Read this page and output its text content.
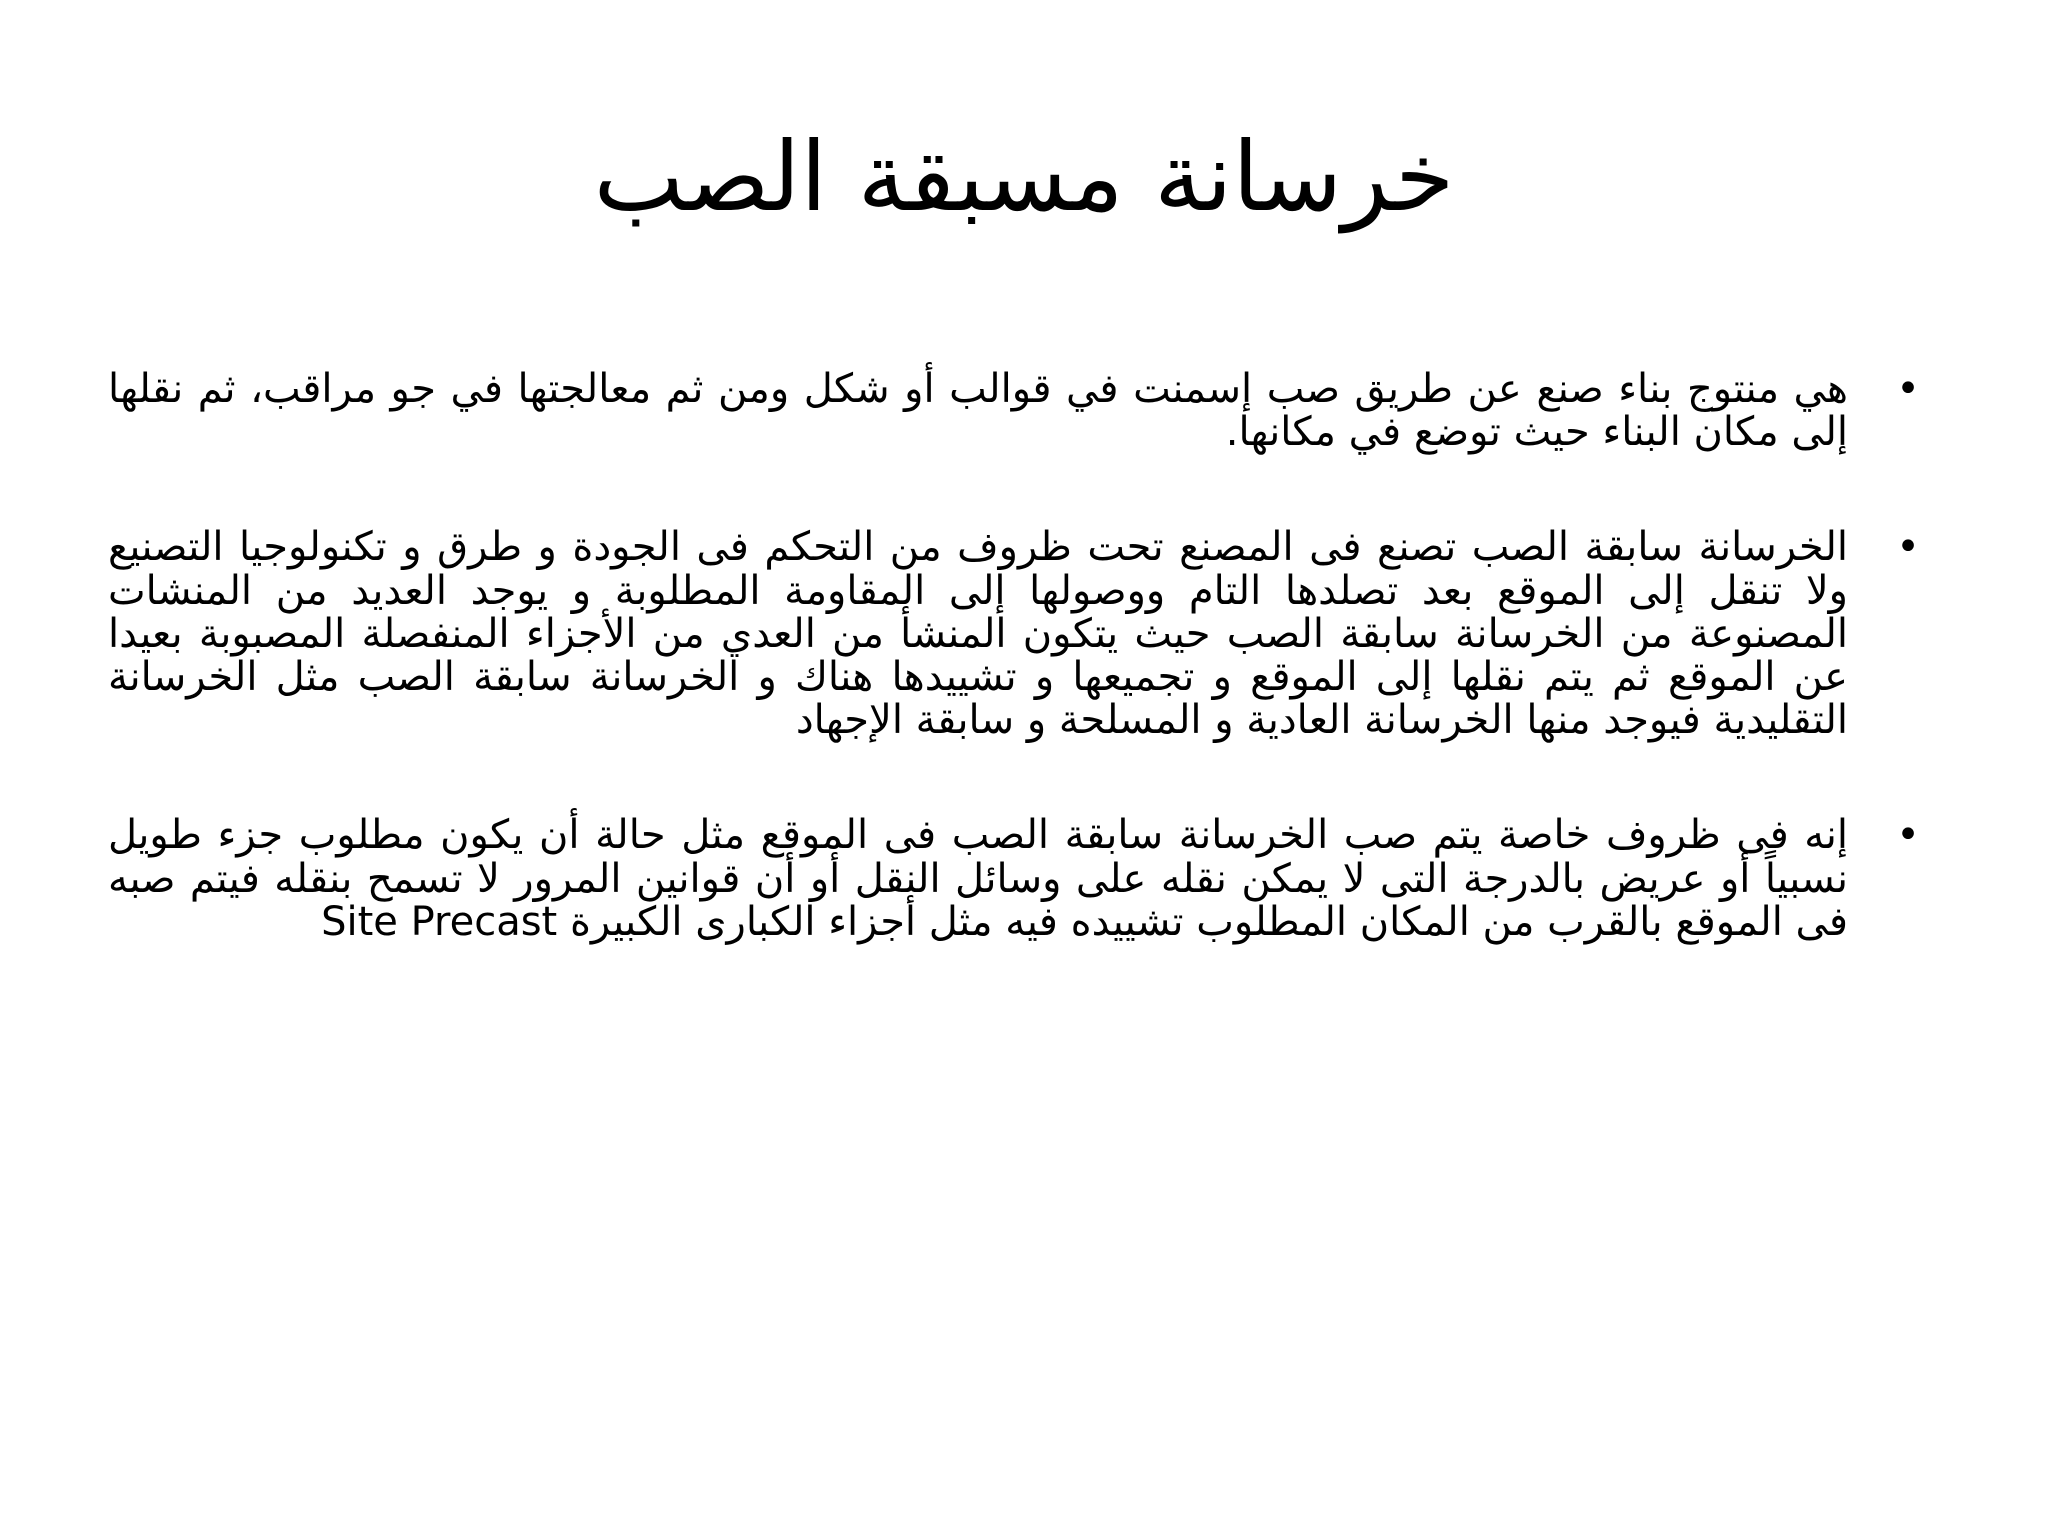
خرسانة مسبقة الصب
•
هي منتوج بناء صنع عن طريق صب إسمنت في قوالب أو شكل ومن ثم معالجتها في جو مراقب، ثم نقلها إلى مكان البناء حيث توضع في مكانها.
•
الخرسانة سابقة الصب تصنع فى المصنع تحت ظروف من التحكم فى الجودة و طرق و تكنولوجيا التصنيع ولا تنقل إلى الموقع بعد تصلدها التام ووصولها إلى المقاومة المطلوبة و يوجد العديد من المنشات المصنوعة من الخرسانة سابقة الصب حيث يتكون المنشأ من العدي من الأجزاء المنفصلة المصبوبة بعيدا عن الموقع ثم يتم نقلها إلى الموقع و تجميعها و تشييدها هناك و الخرسانة سابقة الصب مثل الخرسانة التقليدية فيوجد منها الخرسانة العادية و المسلحة و سابقة الإجهاد
•
إنه فى ظروف خاصة يتم صب الخرسانة سابقة الصب فى الموقع مثل حالة أن يكون مطلوب جزء طويل نسبياً أو عريض بالدرجة التى لا يمكن نقله على وسائل النقل أو أن قوانين المرور لا تسمح بنقله فيتم صبه فى الموقع بالقرب من المكان المطلوب تشييده فيه مثل أجزاء الكبارى الكبيرة Site Precast
